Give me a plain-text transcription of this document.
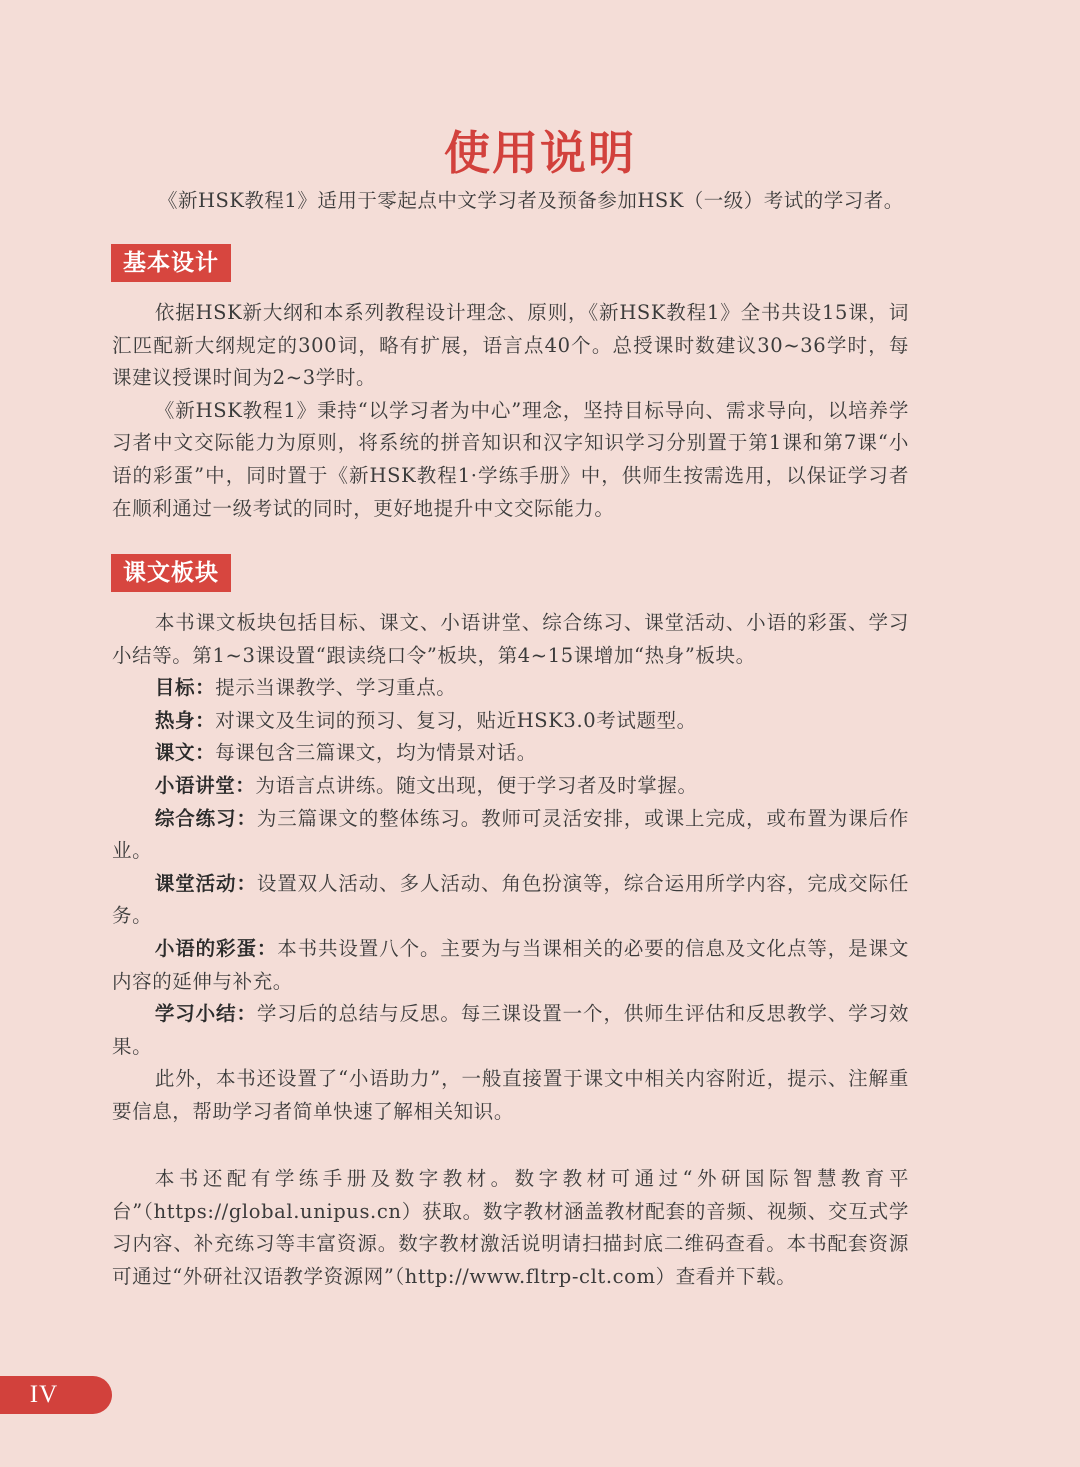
使用说明
《新HSK教程1》适用于零起点中文学习者及预备参加HSK（一级）考试的学习者。
基本设计

依据HSK新大纲和本系列教程设计理念、原则，《新HSK教程1》全书共设15课，词汇匹配新大纲规定的300词，略有扩展，语言点40个。总授课时数建议30~36学时，每课建议授课时间为2~3学时。

《新HSK教程1》秉持“以学习者为中心”理念，坚持目标导向、需求导向，以培养学习者中文交际能力为原则，将系统的拼音知识和汉字知识学习分别置于第1课和第7课“小语的彩蛋”中，同时置于《新HSK教程1·学练手册》中，供师生按需选用，以保证学习者在顺利通过一级考试的同时，更好地提升中文交际能力。

课文板块

本书课文板块包括目标、课文、小语讲堂、综合练习、课堂活动、小语的彩蛋、学习小结等。第1~3课设置“跟读绕口令”板块，第4~15课增加“热身”板块。

目标：提示当课教学、学习重点。

热身：对课文及生词的预习、复习，贴近HSK3.0考试题型。

课文：每课包含三篇课文，均为情景对话。

小语讲堂：为语言点讲练。随文出现，便于学习者及时掌握。

综合练习：为三篇课文的整体练习。教师可灵活安排，或课上完成，或布置为课后作业。

课堂活动：设置双人活动、多人活动、角色扮演等，综合运用所学内容，完成交际任务。

小语的彩蛋：本书共设置八个。主要为与当课相关的必要的信息及文化点等，是课文内容的延伸与补充。

学习小结：学习后的总结与反思。每三课设置一个，供师生评估和反思教学、学习效果。

此外，本书还设置了“小语助力”，一般直接置于课文中相关内容附近，提示、注解重要信息，帮助学习者简单快速了解相关知识。

本书还配有学练手册及数字教材。数字教材可通过“外研国际智慧教育平台”（https://global.unipus.cn）获取。数字教材涵盖教材配套的音频、视频、交互式学习内容、补充练习等丰富资源。数字教材激活说明请扫描封底二维码查看。本书配套资源可通过“外研社汉语教学资源网”（http://www.fltrp-clt.com）查看并下载。

IV
